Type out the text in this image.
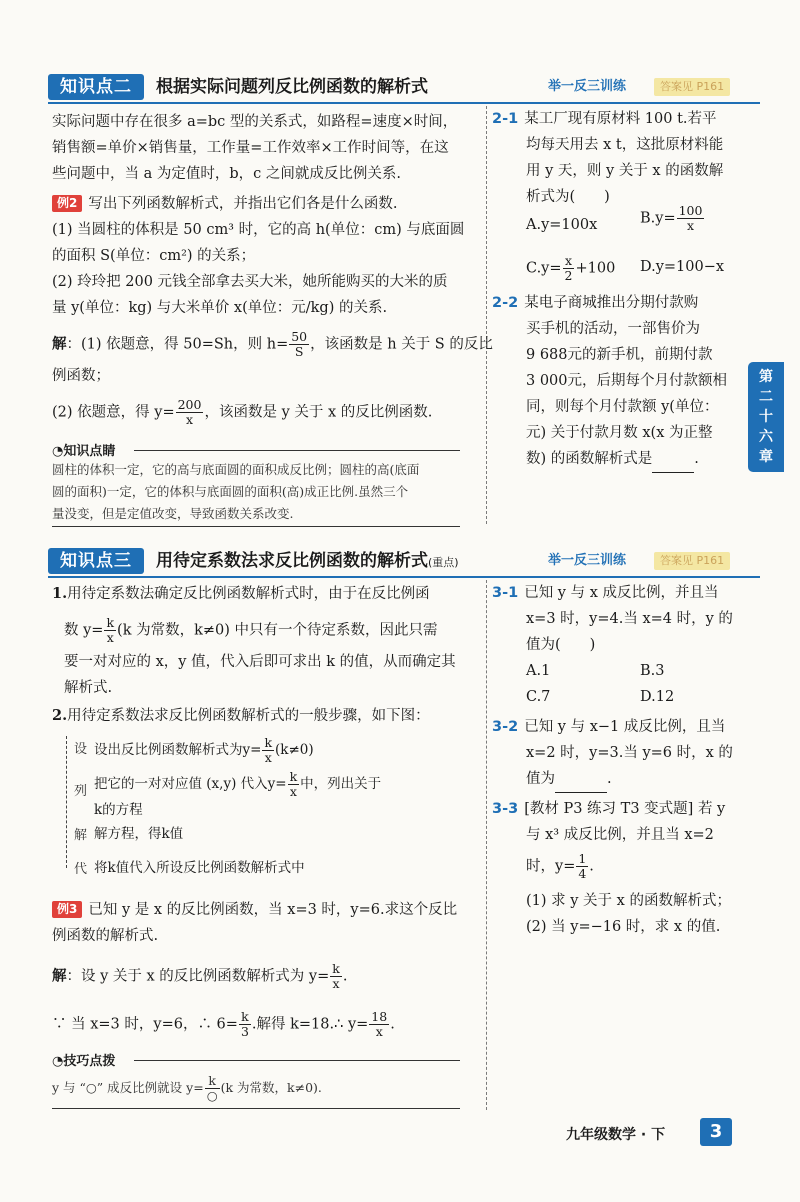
知识点二	根据实际问题列反比例函数的解析式	举一反三训练	答案见 P161
实际问题中存在很多 a=bc 型的关系式，如路程=速度×时间，
销售额=单价×销售量，工作量=工作效率×工作时间等，在这
些问题中，当 a 为定值时，b，c 之间就成反比例关系.
例2 写出下列函数解析式，并指出它们各是什么函数.
(1) 当圆柱的体积是 50 cm³ 时，它的高 h(单位：cm) 与底面圆
的面积 S(单位：cm²) 的关系；
(2) 玲玲把 200 元钱全部拿去买大米，她所能购买的大米的质
量 y(单位：kg) 与大米单价 x(单位：元/kg) 的关系.
解：(1) 依题意，得 50=Sh，则 $h= \frac{50}{S}$ ，该函数是 h 关于 S 的反比
例函数；
(2) 依题意，得 $y= \frac{200}{x}$ ，该函数是 y 关于 x 的反比例函数.
◔知识点睛
圆柱的体积一定，它的高与底面圆的面积成反比例；圆柱的高(底面
圆的面积)一定，它的体积与底面圆的面积(高)成正比例.虽然三个
量没变，但是定值改变，导致函数关系改变.
2-1 某工厂现有原材料 100 t.若平
均每天用去 x t，这批原材料能
用 y 天，则 y 关于 x 的函数解
析式为(　　)
A.y=100x	$B.y= \frac{100}{x}$
$C.y= \frac{x}{2} +100$ D.y=100−x
2-2 某电子商城推出分期付款购
买手机的活动，一部售价为
9 688元的新手机，前期付款
3 000元，后期每个月付款额相
同，则每个月付款额 y(单位：
元) 关于付款月数 x(x 为正整
数) 的函数解析式是	.
第
二
十
六
章
知识点三	用待定系数法求反比例函数的解析式(重点)	举一反三训练	答案见 P161
1.用待定系数法确定反比例函数解析式时，由于在反比例函
数 $y= \frac{k}{x} (k$ 为常数，k≠0) 中只有一个待定系数，因此只需
要一对对应的 x，y 值，代入后即可求出 k 的值，从而确定其
解析式.
2.用待定系数法求反比例函数解析式的一般步骤，如下图：
设 设出反比例函数解析式为$y= \frac{k}{x} (k\ne 0)$
列 把它的一对对应值 (x,y) 代入$y= \frac{k}{x}$ 中，列出关于
k的方程
解 解方程，得k值
代 将k值代入所设反比例函数解析式中
例3 已知 y 是 x 的反比例函数，当 x=3 时，y=6.求这个反比
例函数的解析式.
解：设 y 关于 x 的反比例函数解析式为 $y= \frac{k}{x}$ .
∵ 当 x=3 时，y=6，∴ $6= \frac{k}{3}$ .解得 k=18.∴ $y= \frac{18}{x}$ .
◔技巧点拨
y 与 “○” 成反比例就设 $y= \frac{k}{○} (k$ 为常数，k≠0).
3-1 已知 y 与 x 成反比例，并且当
x=3 时，y=4.当 x=4 时，y 的
值为(　　)
A.1	B.3
C.7	D.12
3-2 已知 y 与 x−1 成反比例，且当
x=2 时，y=3.当 y=6 时，x 的
值为	.
3-3 [教材 P3 练习 T3 变式题] 若 y
与 x³ 成反比例，并且当 x=2
时，$y= \frac{1}{4}$ .
(1) 求 y 关于 x 的函数解析式；
(2) 当 y=−16 时，求 x 的值.
九年级数学 · 下	3
